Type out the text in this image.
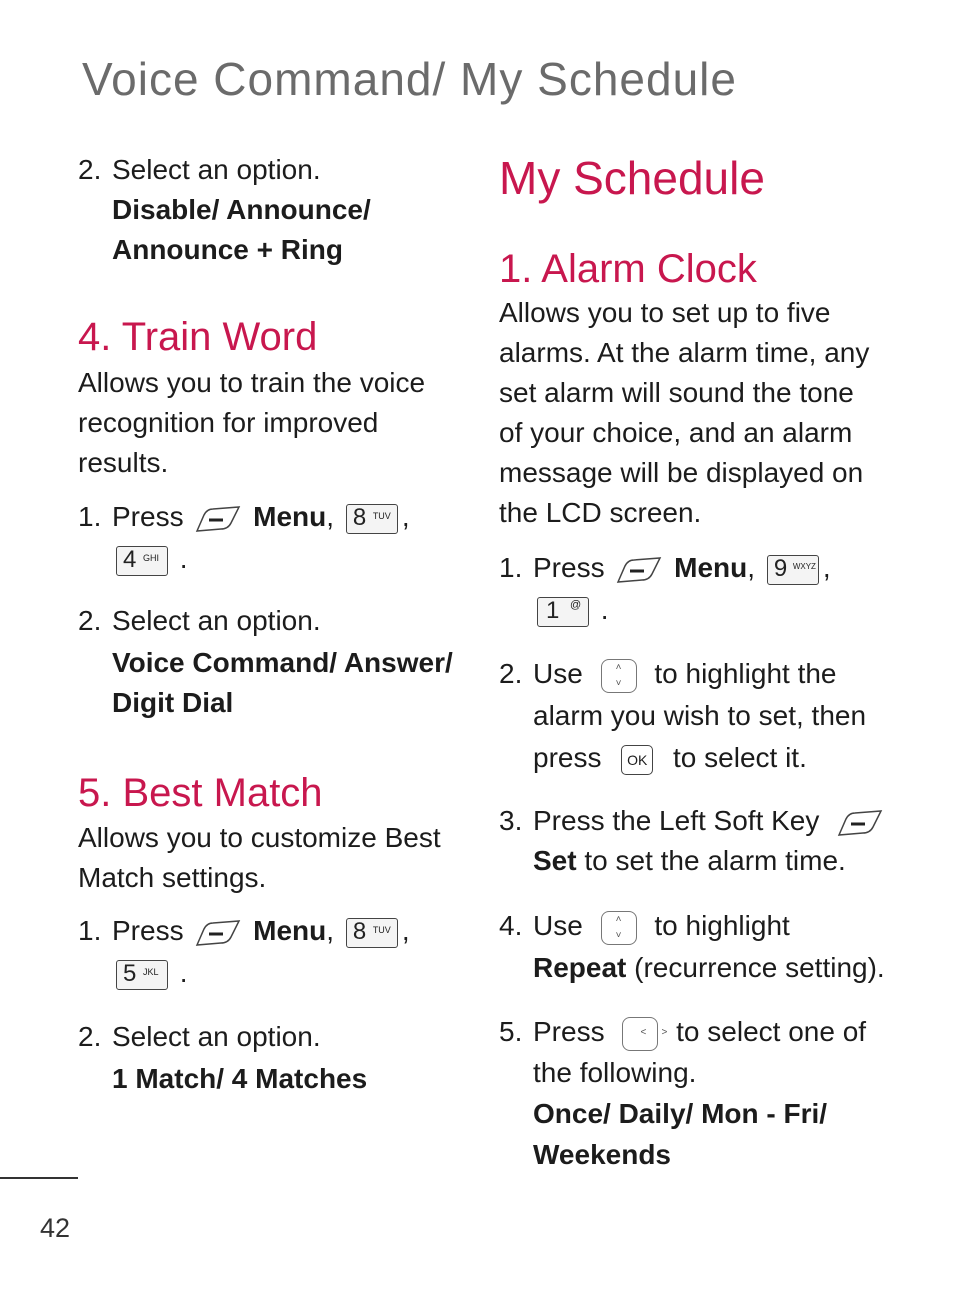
Voice Command/ My Schedule
2. Select an option.
Disable/ Announce/ Announce + Ring
4. Train Word
Allows you to train the voice recognition for improved results.
1. Press Menu, 8 TUV ,
4 GHI .
2. Select an option.
Voice Command/ Answer/ Digit Dial
5. Best Match
Allows you to customize Best Match settings.
1. Press Menu, 8 TUV ,
5 JKL .
2. Select an option.
1 Match/ 4 Matches
My Schedule
1. Alarm Clock
Allows you to set up to five alarms. At the alarm time, any set alarm will sound the tone of your choice, and an alarm message will be displayed on the LCD screen.
1. Press Menu, 9 WXYZ ,
1 @ .
2. Use	˄
˅	to highlight the alarm you wish to set, then press	OK to select it.
3. Press the Left Soft Key

Set to set the alarm time.
4. Use	˄
˅	to highlight
Repeat (recurrence setting).
5. Press	˂	˃ to select one of the following.
Once/ Daily/ Mon - Fri/ Weekends
42
